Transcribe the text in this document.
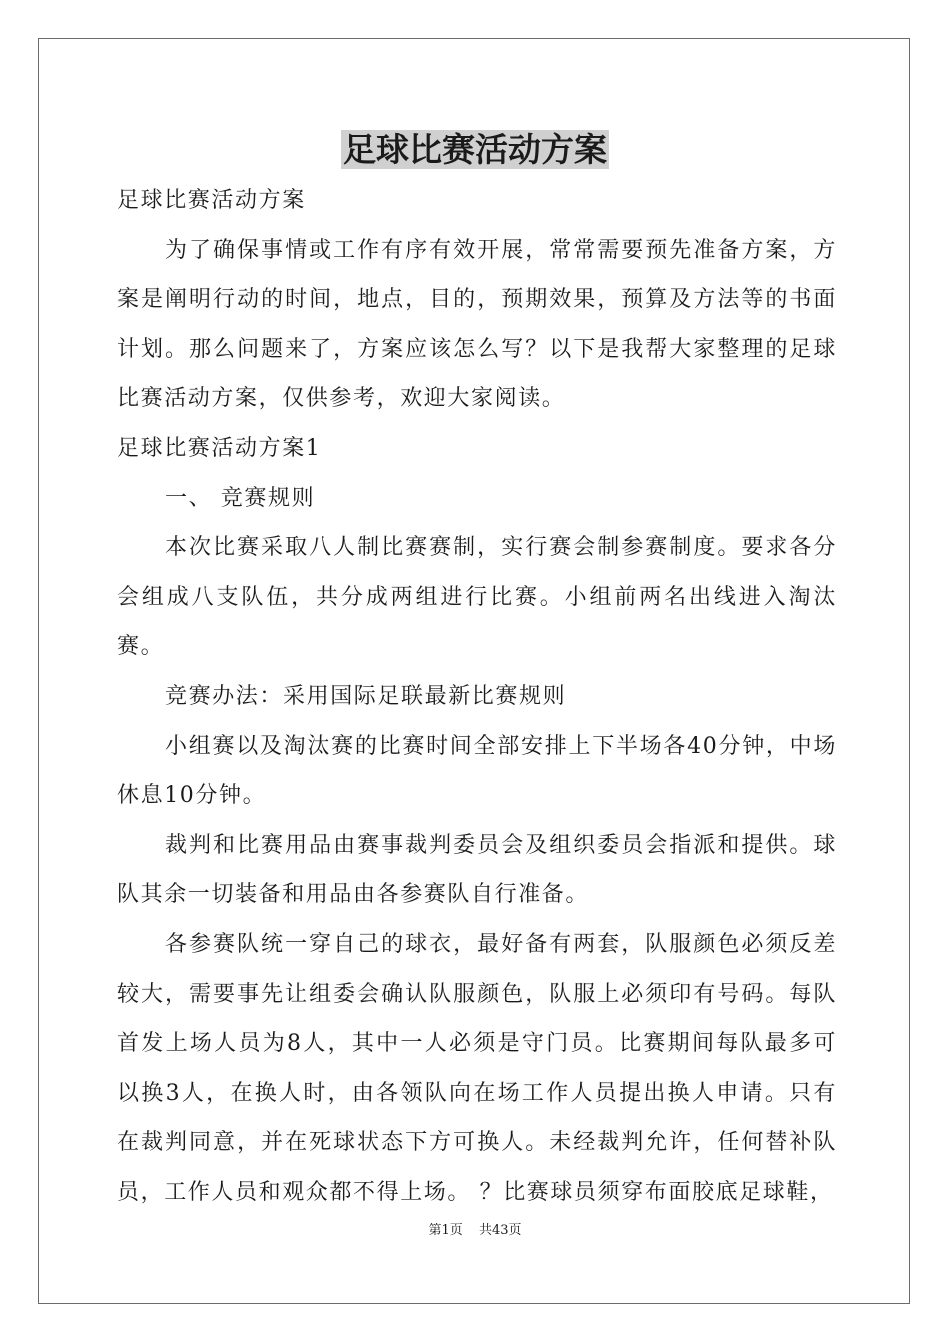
足球比赛活动方案

足球比赛活动方案

为了确保事情或工作有序有效开展，常常需要预先准备方案，方案是阐明行动的时间，地点，目的，预期效果，预算及方法等的书面计划。那么问题来了，方案应该怎么写？以下是我帮大家整理的足球比赛活动方案，仅供参考，欢迎大家阅读。

足球比赛活动方案1

一、 竞赛规则

本次比赛采取八人制比赛赛制，实行赛会制参赛制度。要求各分会组成八支队伍，共分成两组进行比赛。小组前两名出线进入淘汰赛。

竞赛办法：采用国际足联最新比赛规则

小组赛以及淘汰赛的比赛时间全部安排上下半场各40分钟，中场休息10分钟。

裁判和比赛用品由赛事裁判委员会及组织委员会指派和提供。球队其余一切装备和用品由各参赛队自行准备。

各参赛队统一穿自己的球衣，最好备有两套，队服颜色必须反差较大，需要事先让组委会确认队服颜色，队服上必须印有号码。每队首发上场人员为8人，其中一人必须是守门员。比赛期间每队最多可以换3人，在换人时，由各领队向在场工作人员提出换人申请。只有在裁判同意，并在死球状态下方可换人。未经裁判允许，任何替补队员，工作人员和观众都不得上场。 ？比赛球员须穿布面胶底足球鞋，

第1页 共43页
